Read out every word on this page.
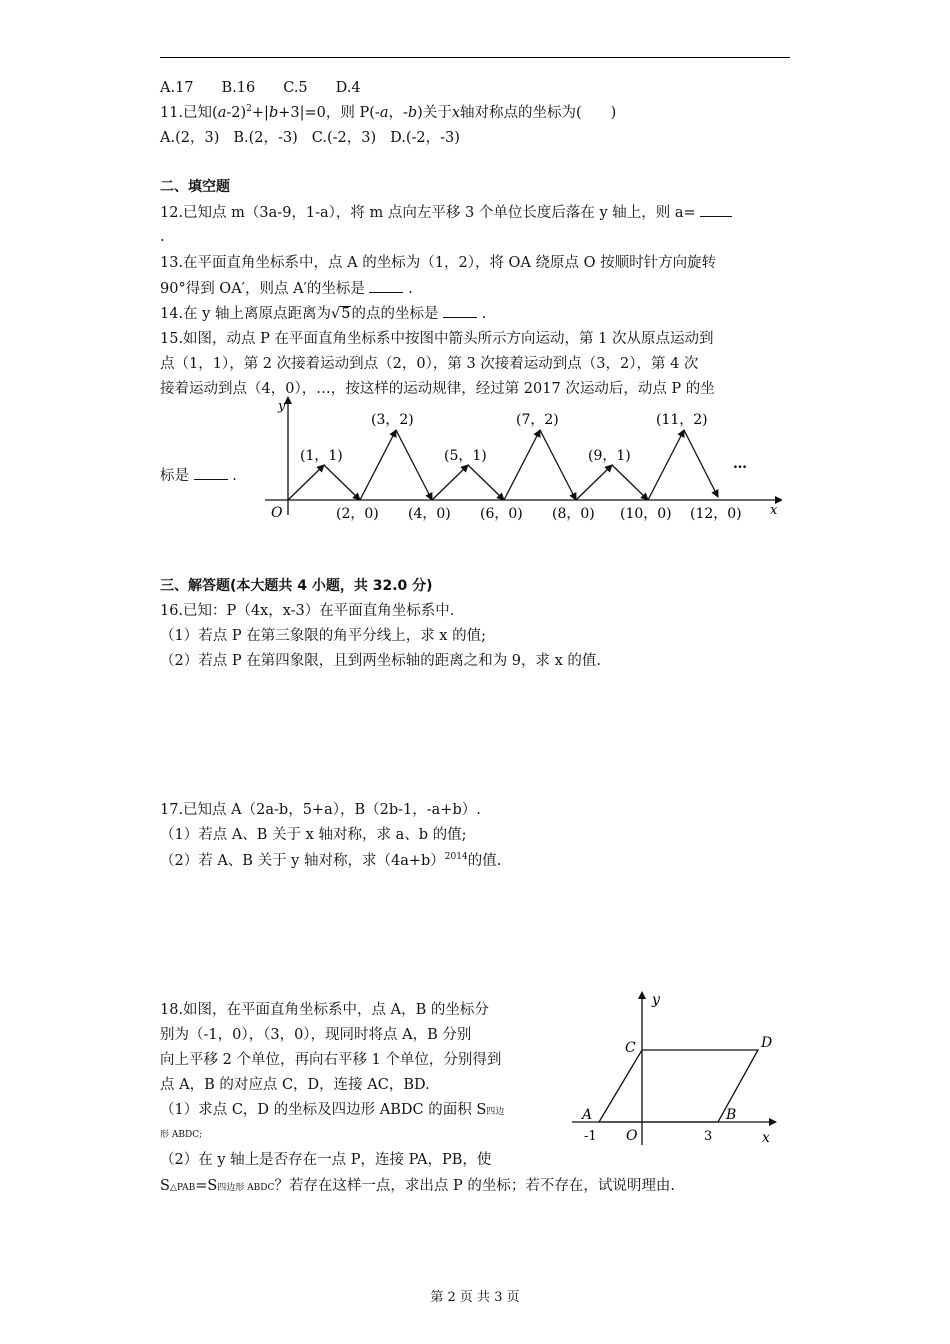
A.17 B.16 C.5 D.4
11.已知$(a-2)^2+|b+3|=0$，则 P(-a，-b)关于x轴对称点的坐标为(　　)
A.(2，3) B.(2，-3) C.(-2，3) D.(-2，-3)
二、填空题
12.已知点 m（3a-9，1-a），将 m 点向左平移 3 个单位长度后落在 y 轴上，则 a=
.
13.在平面直角坐标系中，点 A 的坐标为（1，2），将 OA 绕原点 O 按顺时针方向旋转
90°得到 OA′，则点 A′的坐标是	.
14.在 y 轴上离原点距离为√5的点的坐标是	.
15.如图，动点 P 在平面直角坐标系中按图中箭头所示方向运动，第 1 次从原点运动到
点（1，1），第 2 次接着运动到点（2，0），第 3 次接着运动到点（3，2），第 4 次
接着运动到点（4，0），…，按这样的运动规律，经过第 2017 次运动后，动点 P 的坐
标是	.
y
x
O
(3，2)	(7，2)	(11，2)
(1，1)	(5，1)	(9，1)	…
(2，0) (4，0) (6，0) (8，0) (10，0) (12，0)
三、解答题(本大题共 4 小题，共 32.0 分)
16.已知：P（4x，x-3）在平面直角坐标系中.
（1）若点 P 在第三象限的角平分线上，求 x 的值;
（2）若点 P 在第四象限，且到两坐标轴的距离之和为 9，求 x 的值.
17.已知点 A（2a-b，5+a），B（2b-1，-a+b）.
（1）若点 A、B 关于 x 轴对称，求 a、b 的值;
（2）若 A、B 关于 y 轴对称，求$(4a+b)^{2014}$的值.
18.如图，在平面直角坐标系中，点 A，B 的坐标分
别为（-1，0），（3，0），现同时将点 A，B 分别
向上平移 2 个单位，再向右平移 1 个单位，分别得到
点 A，B 的对应点 C，D，连接 AC，BD.
（1）求点 C，D 的坐标及四边形 ABDC 的面积 S四边
形 ABDC;
（2）在 y 轴上是否存在一点 P，连接 PA，PB，使
S△PAB=S四边形 ABDC？若存在这样一点，求出点 P 的坐标；若不存在，试说明理由.
y
x
O
A	B
C	D
-1	3
第 2 页 共 3 页
